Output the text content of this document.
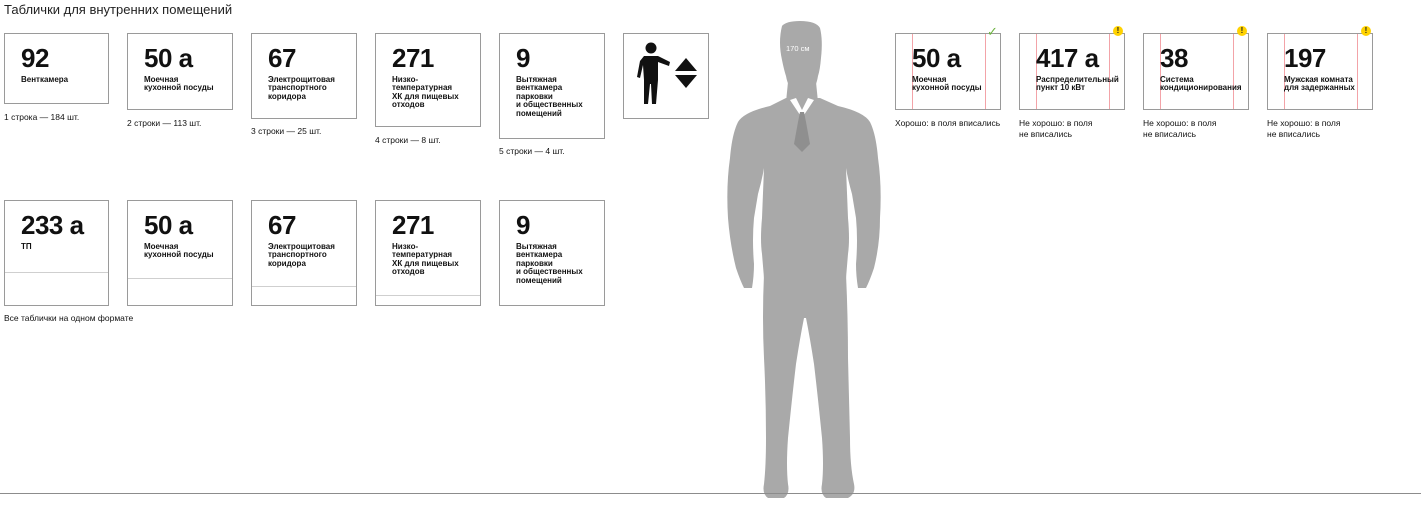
Таблички для внутренних помещений
92
Венткамера
1 строка — 184 шт.
50 а
Моечная
кухонной посуды
2 строки — 113 шт.
67
Электрощитовая
транспортного
коридора
3 строки — 25 шт.
271
Низко-
температурная
ХК для пищевых
отходов
4 строки — 8 шт.
9
Вытяжная
венткамера
парковки
и общественных
помещений
5 строки — 4 шт.
233 а
ТП
50 а
Моечная
кухонной посуды
67
Электрощитовая
транспортного
коридора
271
Низко-
температурная
ХК для пищевых
отходов
9
Вытяжная
венткамера
парковки
и общественных
помещений
Все таблички на одном формате
170 см	50 а
Моечная
кухонной посуды
✓
Хорошо: в поля вписались
417 а
Распределительный
пункт 10 кВт
!
Не хорошо: в поля
не вписались
38
Система
кондиционирования
!
Не хорошо: в поля
не вписались
197
Мужская комната
для задержанных
!
Не хорошо: в поля
не вписались
